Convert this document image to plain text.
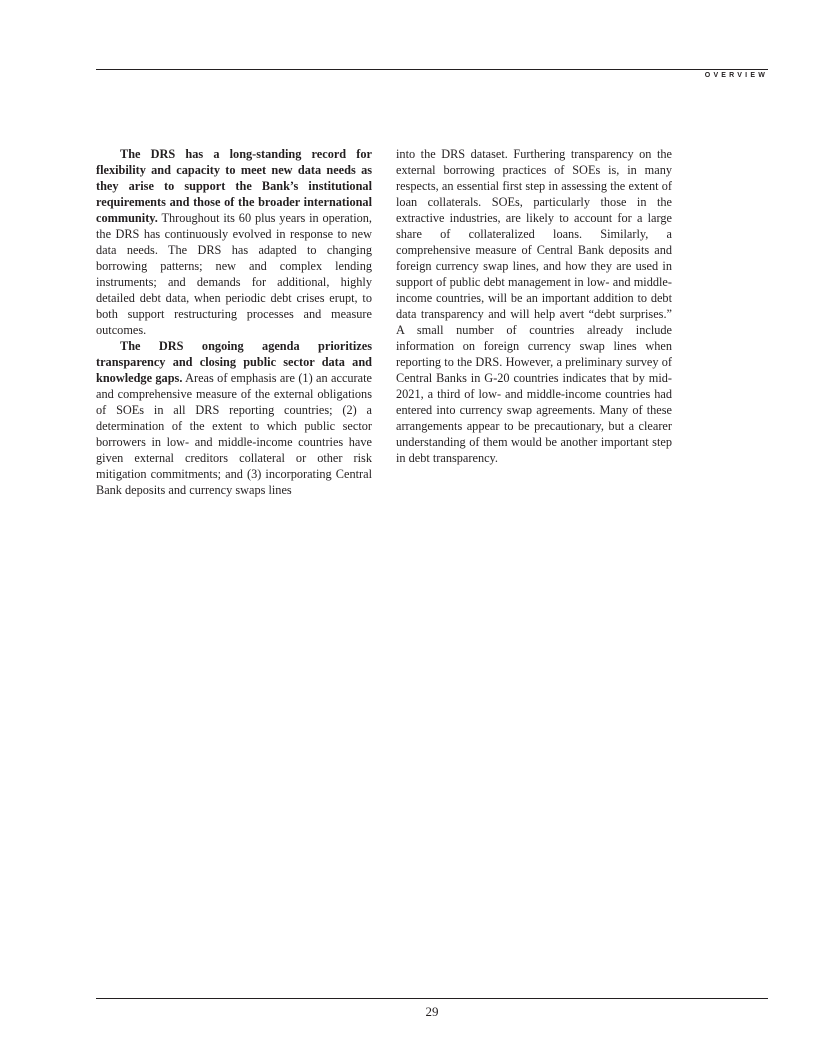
OVERVIEW

The DRS has a long-standing record for flexibility and capacity to meet new data needs as they arise to support the Bank’s institutional requirements and those of the broader international community. Throughout its 60 plus years in operation, the DRS has continuously evolved in response to new data needs. The DRS has adapted to changing borrowing patterns; new and complex lending instruments; and demands for additional, highly detailed debt data, when periodic debt crises erupt, to both support restructuring processes and measure outcomes.

The DRS ongoing agenda prioritizes transparency and closing public sector data and knowledge gaps. Areas of emphasis are (1) an accurate and comprehensive measure of the external obligations of SOEs in all DRS reporting countries; (2) a determination of the extent to which public sector borrowers in low- and middle-income countries have given external creditors collateral or other risk mitigation commitments; and (3) incorporating Central Bank deposits and currency swaps lines

into the DRS dataset. Furthering transparency on the external borrowing practices of SOEs is, in many respects, an essential first step in assessing the extent of loan collaterals. SOEs, particularly those in the extractive industries, are likely to account for a large share of collateralized loans. Similarly, a comprehensive measure of Central Bank deposits and foreign currency swap lines, and how they are used in support of public debt management in low- and middle-income countries, will be an important addition to debt data transparency and will help avert “debt surprises.” A small number of countries already include information on foreign currency swap lines when reporting to the DRS. However, a preliminary survey of Central Banks in G-20 countries indicates that by mid-2021, a third of low- and middle-income countries had entered into currency swap agreements. Many of these arrangements appear to be precautionary, but a clearer understanding of them would be another important step in debt transparency.

29
